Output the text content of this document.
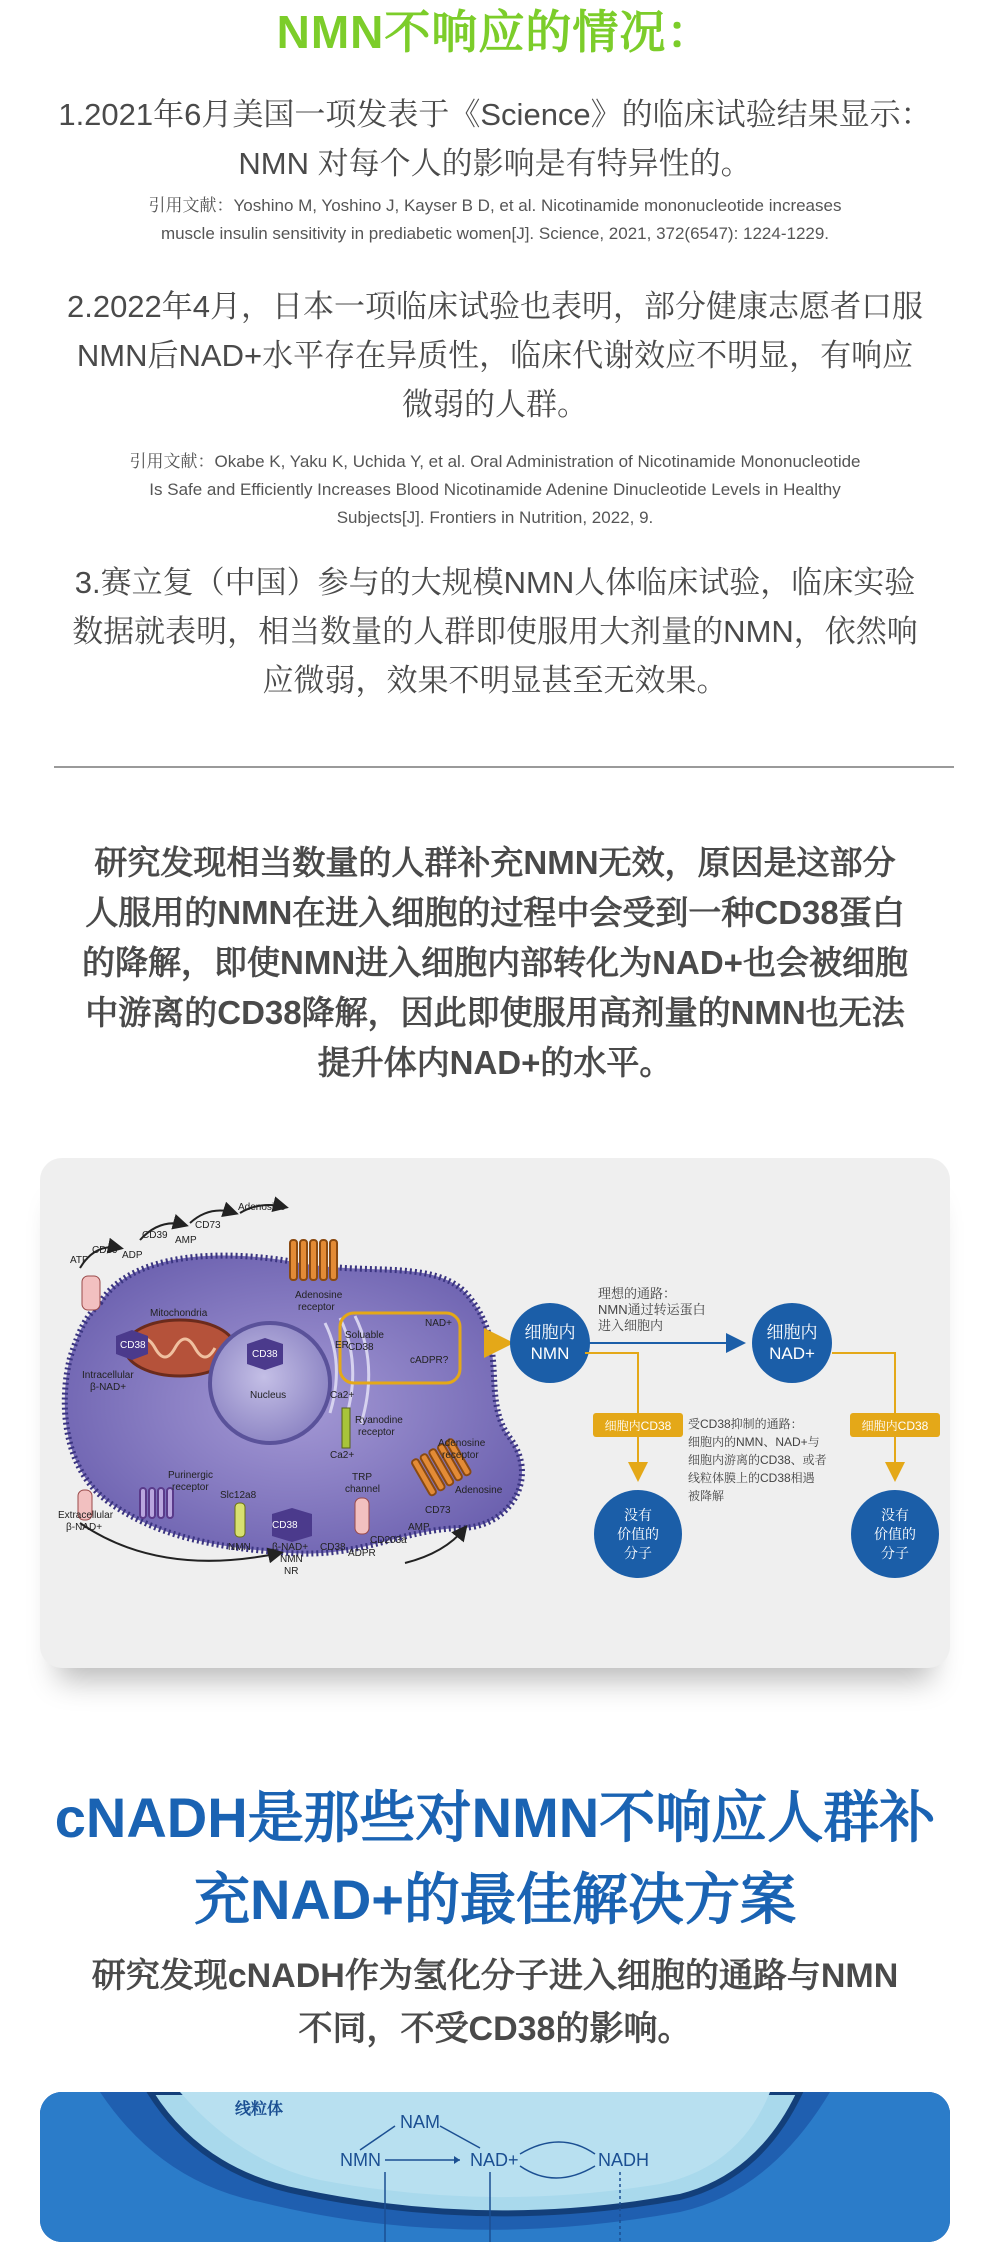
NMN不响应的情况：
1.2021年6月美国一项发表于《Science》的临床试验结果显示：
NMN 对每个人的影响是有特异性的。
引用文献：Yoshino M, Yoshino J, Kayser B D, et al. Nicotinamide mononucleotide increases
muscle insulin sensitivity in prediabetic women[J]. Science, 2021, 372(6547): 1224-1229.
2.2022年4月，日本一项临床试验也表明，部分健康志愿者口服
NMN后NAD+水平存在异质性，临床代谢效应不明显，有响应
微弱的人群。
引用文献：Okabe K, Yaku K, Uchida Y, et al. Oral Administration of Nicotinamide Mononucleotide
Is Safe and Efficiently Increases Blood Nicotinamide Adenine Dinucleotide Levels in Healthy
Subjects[J]. Frontiers in Nutrition, 2022, 9.
3.赛立复（中国）参与的大规模NMN人体临床试验，临床实验
数据就表明，相当数量的人群即使服用大剂量的NMN，依然响
应微弱，效果不明显甚至无效果。
研究发现相当数量的人群补充NMN无效，原因是这部分
人服用的NMN在进入细胞的过程中会受到一种CD38蛋白
的降解，即使NMN进入细胞内部转化为NAD+也会被细胞
中游离的CD38降解，因此即使服用高剂量的NMN也无法
提升体内NAD+的水平。
ATP
CD39 ADP
CD39 AMP
CD73
Adenosine
Adenosine
receptor
Mitochondria
Intracellular
β-NAD+
Nucleus
ER
NAD+
Soluable
CD38
cADPR?
Ca2+
Ca2+
Ryanodine
receptor
Adenosine
receptor
Purinergic
receptor
Slc12a8
TRP
channel
Extracellular
β-NAD+
NMN
CD38
β-NAD+
NMN
NR
CD38
ADPR
CD203a
AMP
CD73
Adenosine
CD38
CD38
理想的通路：
NMN通过转运蛋白
进入细胞内
细胞内
NMN
细胞内
NAD+
细胞内CD38	细胞内CD38
受CD38抑制的通路：
细胞内的NMN、NAD+与
细胞内游离的CD38、或者
线粒体膜上的CD38相遇
被降解
没有
价值的
分子
没有
价值的
分子
cNADH是那些对NMN不响应人群补
充NAD+的最佳解决方案
研究发现cNADH作为氢化分子进入细胞的通路与NMN
不同，不受CD38的影响。
线粒体
NAM
NMN	NAD+	NADH
